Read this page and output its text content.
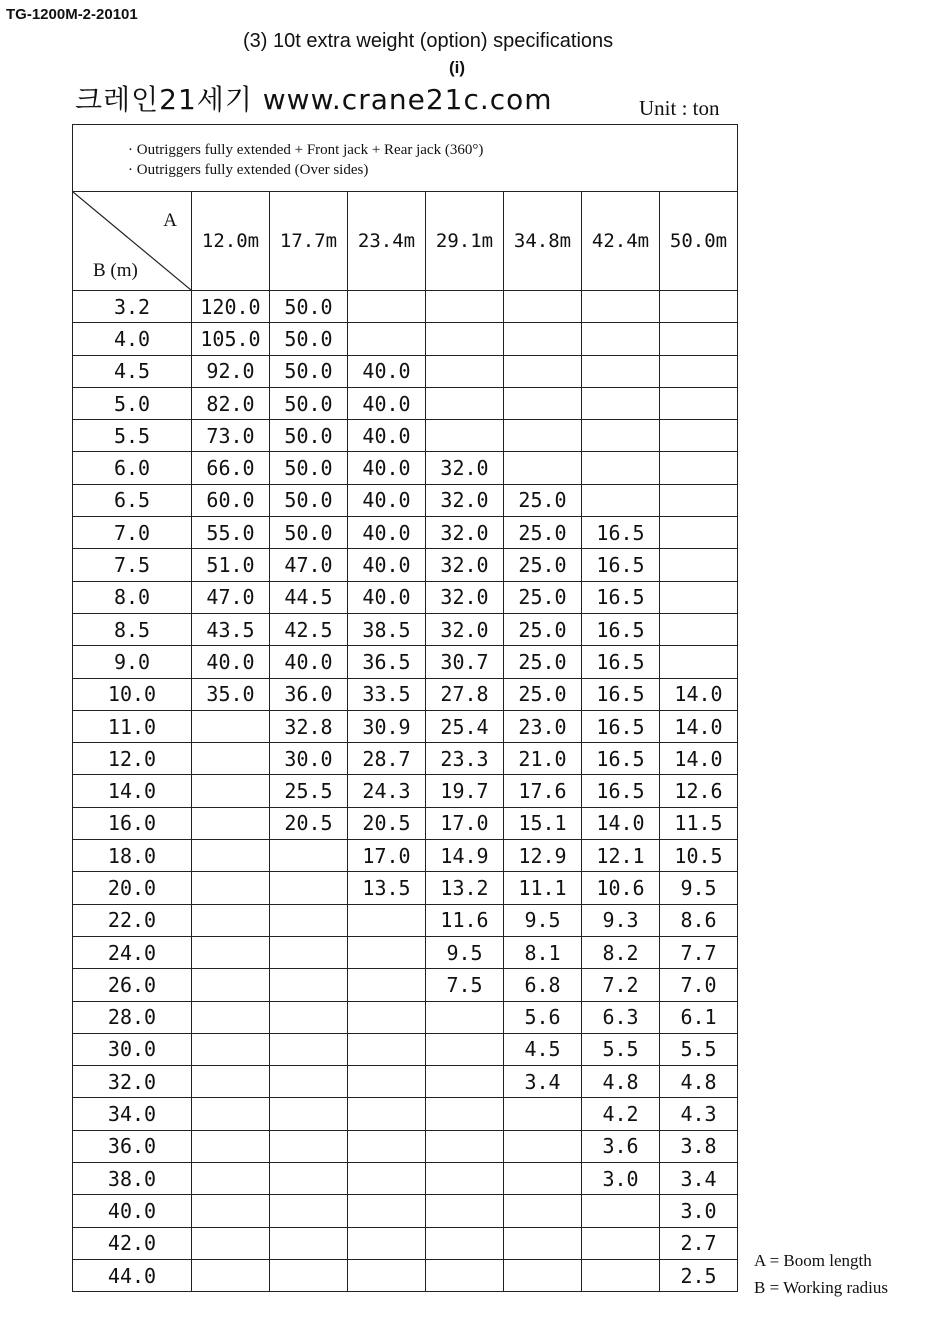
TG-1200M-2-20101
(3) 10t extra weight (option) specifications
(i)
크레인21세기 www.crane21c.com	Unit : ton
· Outriggers fully extended + Front jack + Rear jack (360°)
· Outriggers fully extended (Over sides)							

A
B (m)	12.0m	17.7m	23.4m	29.1m	34.8m	42.4m	50.0m
3.2	120.0	50.0					
4.0	105.0	50.0					
4.5	92.0	50.0	40.0				
5.0	82.0	50.0	40.0				
5.5	73.0	50.0	40.0				
6.0	66.0	50.0	40.0	32.0			
6.5	60.0	50.0	40.0	32.0	25.0		
7.0	55.0	50.0	40.0	32.0	25.0	16.5	
7.5	51.0	47.0	40.0	32.0	25.0	16.5	
8.0	47.0	44.5	40.0	32.0	25.0	16.5	
8.5	43.5	42.5	38.5	32.0	25.0	16.5	
9.0	40.0	40.0	36.5	30.7	25.0	16.5	
10.0	35.0	36.0	33.5	27.8	25.0	16.5	14.0
11.0		32.8	30.9	25.4	23.0	16.5	14.0
12.0		30.0	28.7	23.3	21.0	16.5	14.0
14.0		25.5	24.3	19.7	17.6	16.5	12.6
16.0		20.5	20.5	17.0	15.1	14.0	11.5
18.0			17.0	14.9	12.9	12.1	10.5
20.0			13.5	13.2	11.1	10.6	9.5
22.0				11.6	9.5	9.3	8.6
24.0				9.5	8.1	8.2	7.7
26.0				7.5	6.8	7.2	7.0
28.0					5.6	6.3	6.1
30.0					4.5	5.5	5.5
32.0					3.4	4.8	4.8
34.0						4.2	4.3
36.0						3.6	3.8
38.0						3.0	3.4
40.0							3.0
42.0							2.7
44.0							2.5
A = Boom length
B = Working radius
